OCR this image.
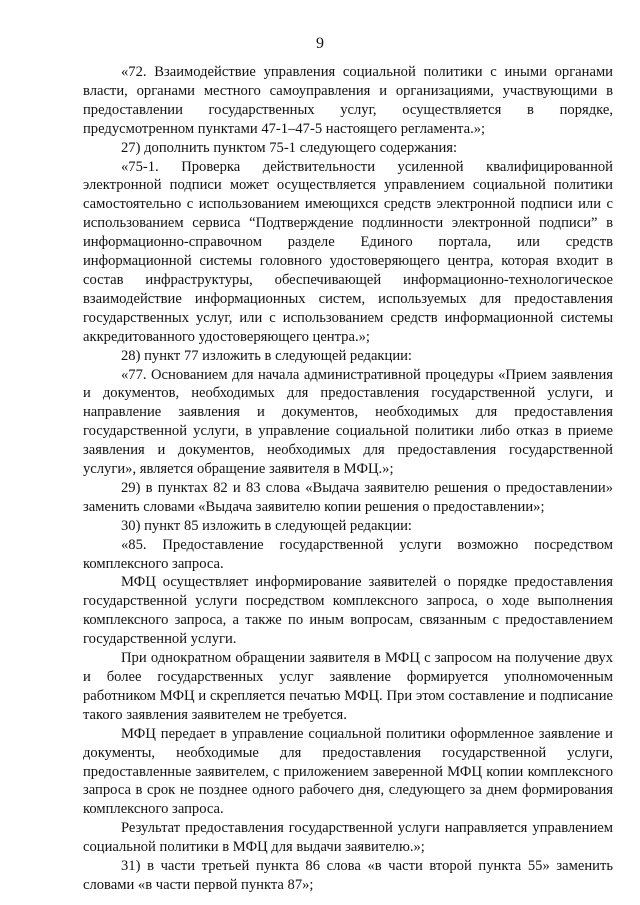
9

«72. Взаимодействие управления социальной политики с иными органами власти, органами местного самоуправления и организациями, участвующими в предоставлении государственных услуг, осуществляется в порядке, предусмотренном пунктами 47-1–47-5 настоящего регламента.»;

27) дополнить пунктом 75-1 следующего содержания:

«75-1. Проверка действительности усиленной квалифицированной электронной подписи может осуществляется управлением социальной политики самостоятельно с использованием имеющихся средств электронной подписи или с использованием сервиса “Подтверждение подлинности электронной подписи” в информационно-справочном разделе Единого портала, или средств информационной системы головного удостоверяющего центра, которая входит в состав инфраструктуры, обеспечивающей информационно-технологическое взаимодействие информационных систем, используемых для предоставления государственных услуг, или с использованием средств информационной системы аккредитованного удостоверяющего центра.»;

28) пункт 77 изложить в следующей редакции:

«77. Основанием для начала административной процедуры «Прием заявления и документов, необходимых для предоставления государственной услуги, и направление заявления и документов, необходимых для предоставления государственной услуги, в управление социальной политики либо отказ в приеме заявления и документов, необходимых для предоставления государственной услуги», является обращение заявителя в МФЦ.»;

29) в пунктах 82 и 83 слова «Выдача заявителю решения о предоставлении» заменить словами «Выдача заявителю копии решения о предоставлении»;

30) пункт 85 изложить в следующей редакции:

«85. Предоставление государственной услуги возможно посредством комплексного запроса.

МФЦ осуществляет информирование заявителей о порядке предоставления государственной услуги посредством комплексного запроса, о ходе выполнения комплексного запроса, а также по иным вопросам, связанным с предоставлением государственной услуги.

При однократном обращении заявителя в МФЦ с запросом на получение двух и более государственных услуг заявление формируется уполномоченным работником МФЦ и скрепляется печатью МФЦ. При этом составление и подписание такого заявления заявителем не требуется.

МФЦ передает в управление социальной политики оформленное заявление и документы, необходимые для предоставления государственной услуги, предоставленные заявителем, с приложением заверенной МФЦ копии комплексного запроса в срок не позднее одного рабочего дня, следующего за днем формирования комплексного запроса.

Результат предоставления государственной услуги направляется управлением социальной политики в МФЦ для выдачи заявителю.»;

31) в части третьей пункта 86 слова «в части второй пункта 55» заменить словами «в части первой пункта 87»;
